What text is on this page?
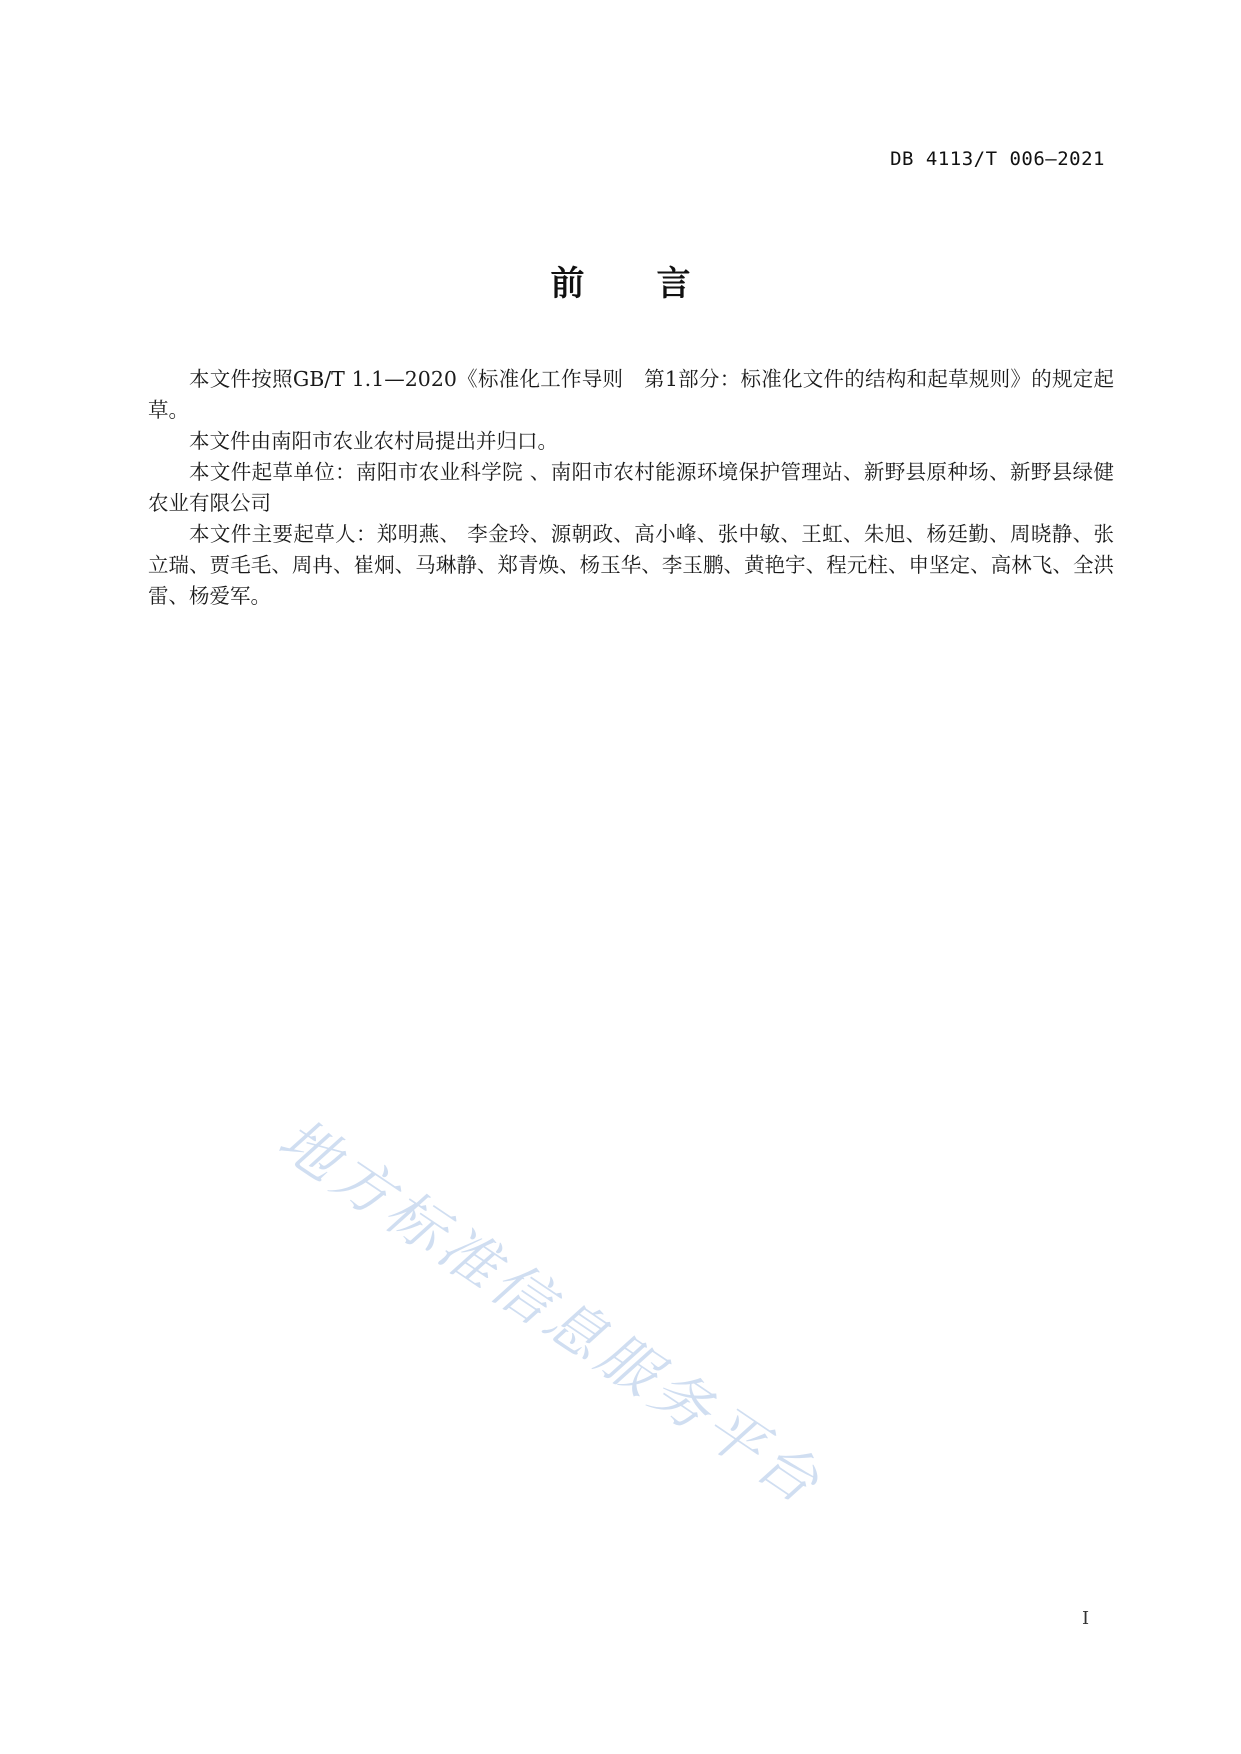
DB 4113/T 006—2021
前 言

本文件按照GB/T 1.1—2020《标准化工作导则　第1部分：标准化文件的结构和起草规则》的规定起草。

本文件由南阳市农业农村局提出并归口。

本文件起草单位：南阳市农业科学院 、南阳市农村能源环境保护管理站、新野县原种场、新野县绿健农业有限公司

本文件主要起草人：郑明燕、 李金玲、源朝政、高小峰、张中敏、王虹、朱旭、杨廷勤、周晓静、张立瑞、贾毛毛、周冉、崔炯、马琳静、郑青焕、杨玉华、李玉鹏、黄艳宇、程元柱、申坚定、高林飞、全洪雷、杨爱军。

地方标准信息服务平台
I
